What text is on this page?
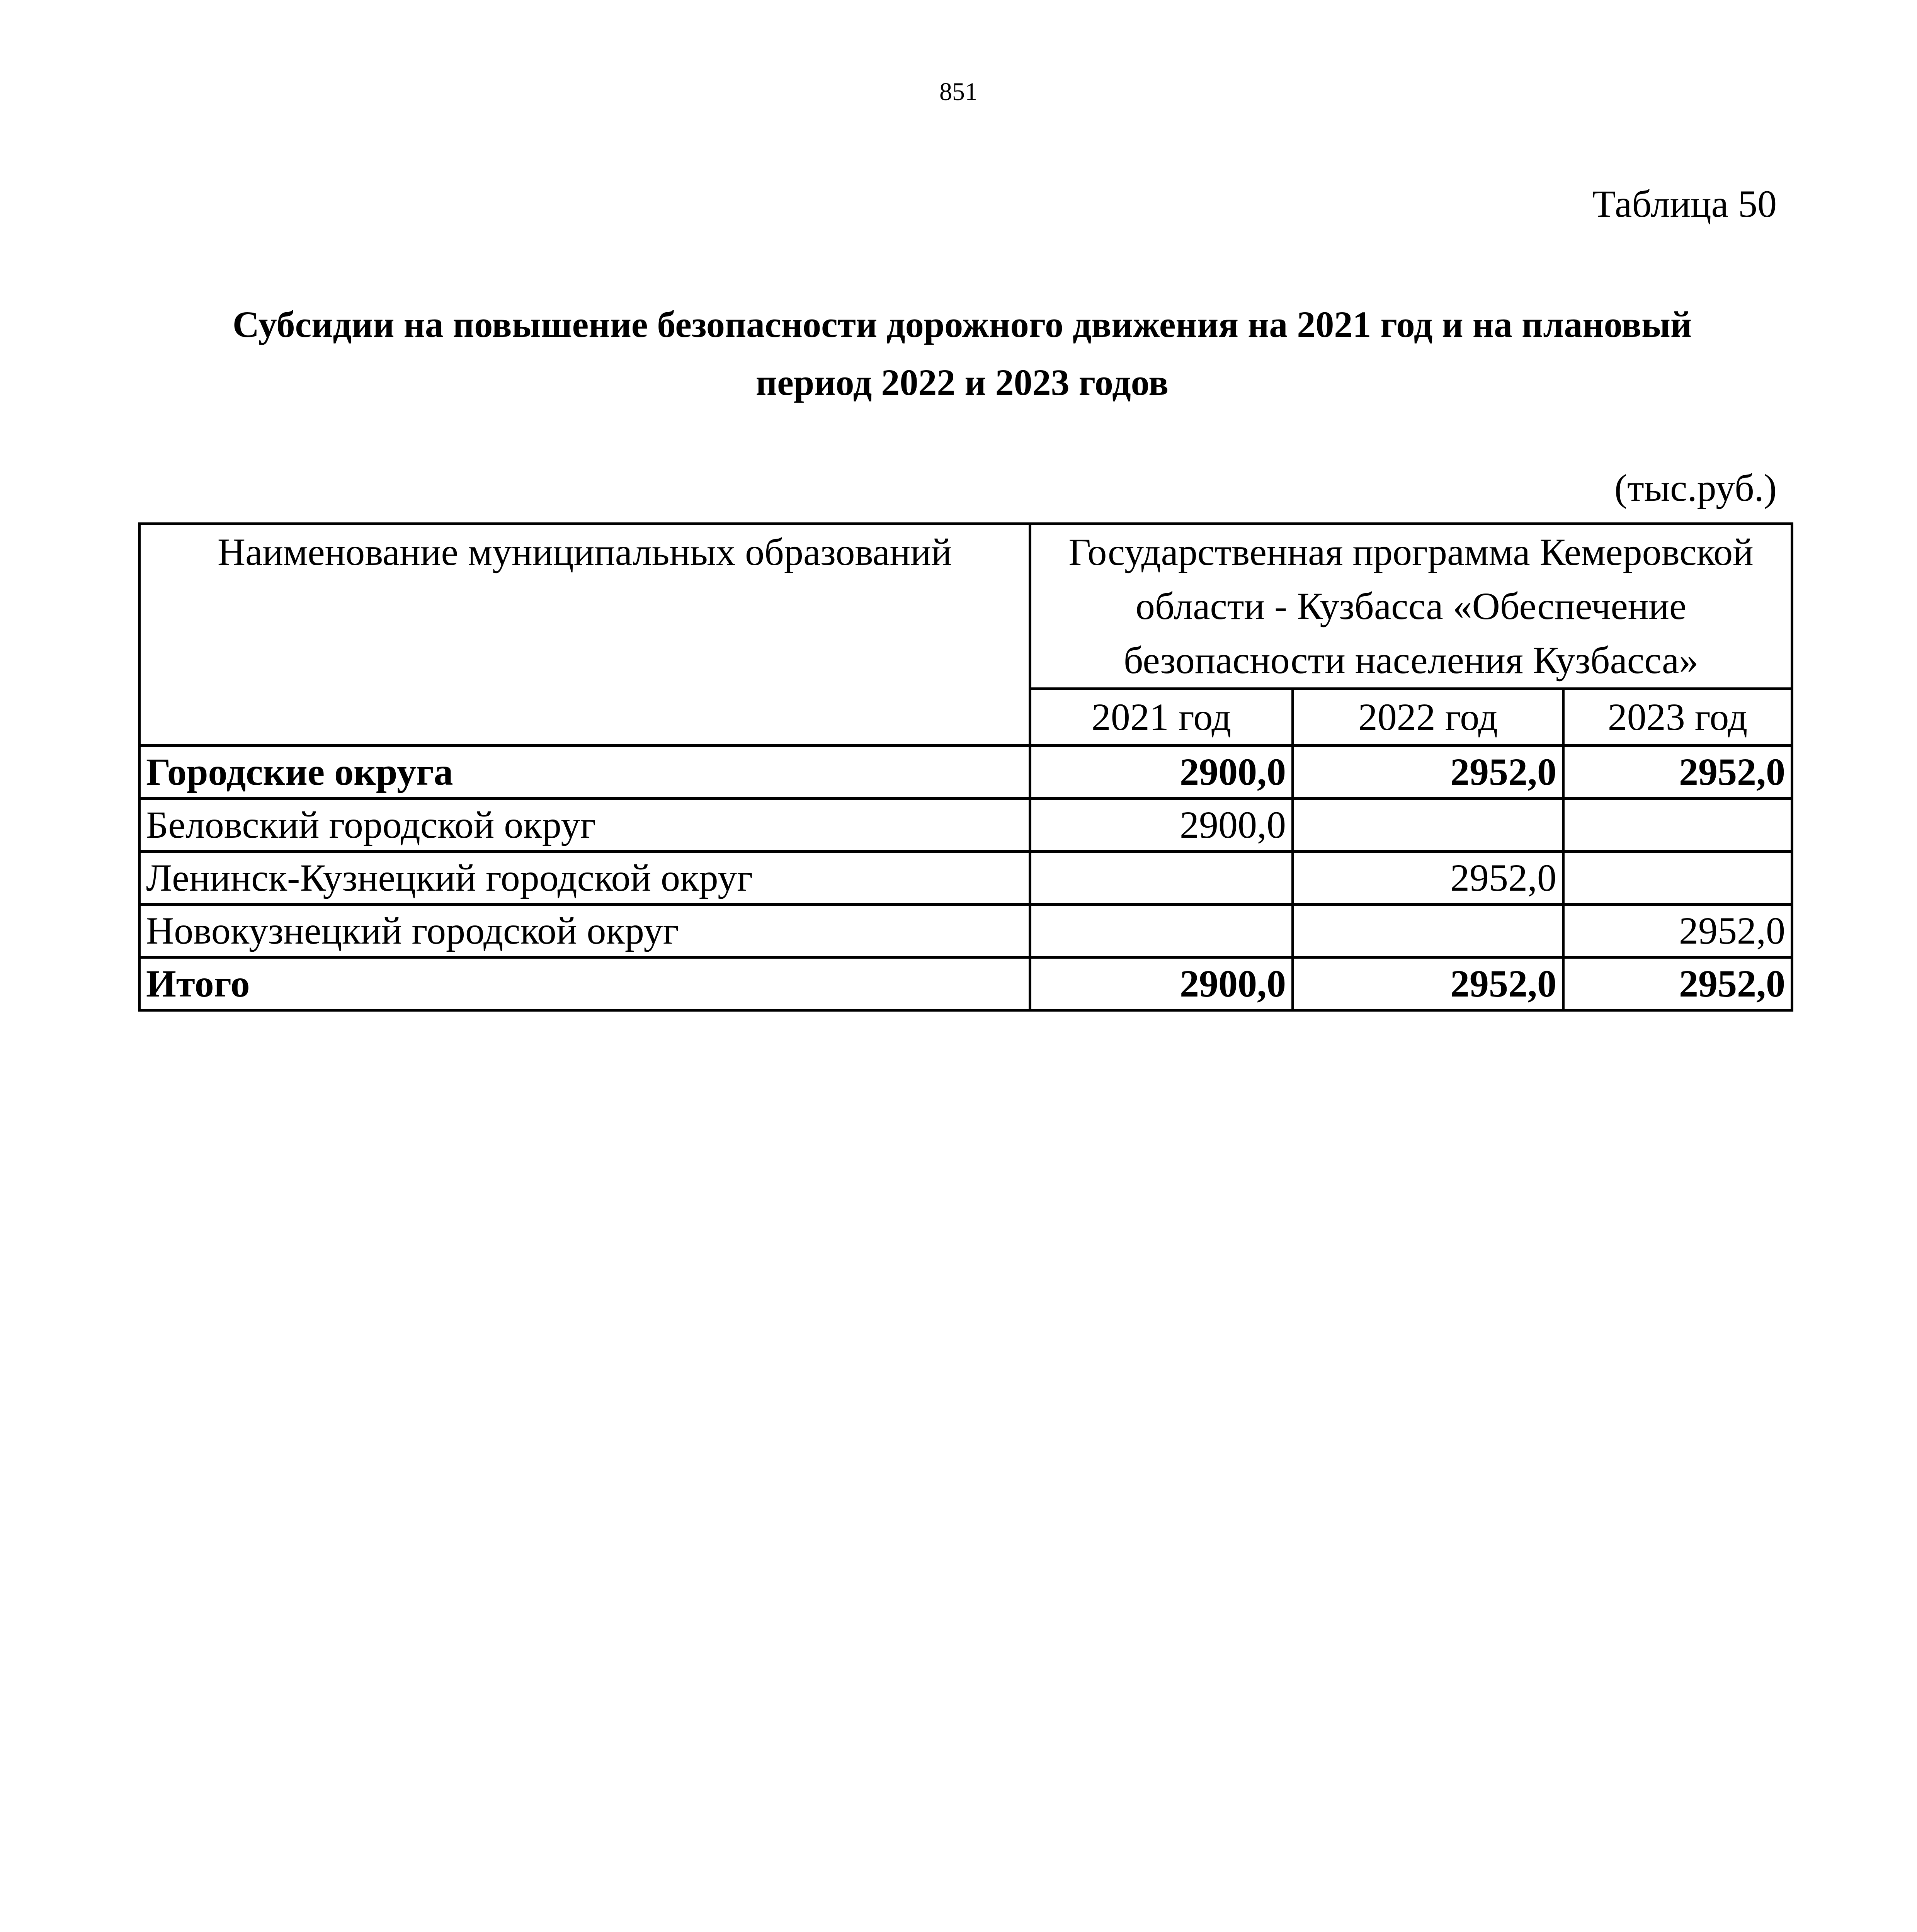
851
Таблица 50
Субсидии на повышение безопасности дорожного движения на 2021 год и на плановый период 2022 и 2023 годов
(тыс.руб.)
Наименование муниципальных образований	Государственная программа Кемеровской области - Кузбасса «Обеспечение безопасности населения Кузбасса»		
	2021 год	2022 год	2023 год
Городские округа	2900,0	2952,0	2952,0
Беловский городской округ	2900,0		
Ленинск-Кузнецкий городской округ		2952,0	
Новокузнецкий городской округ			2952,0
Итого	2900,0	2952,0	2952,0
